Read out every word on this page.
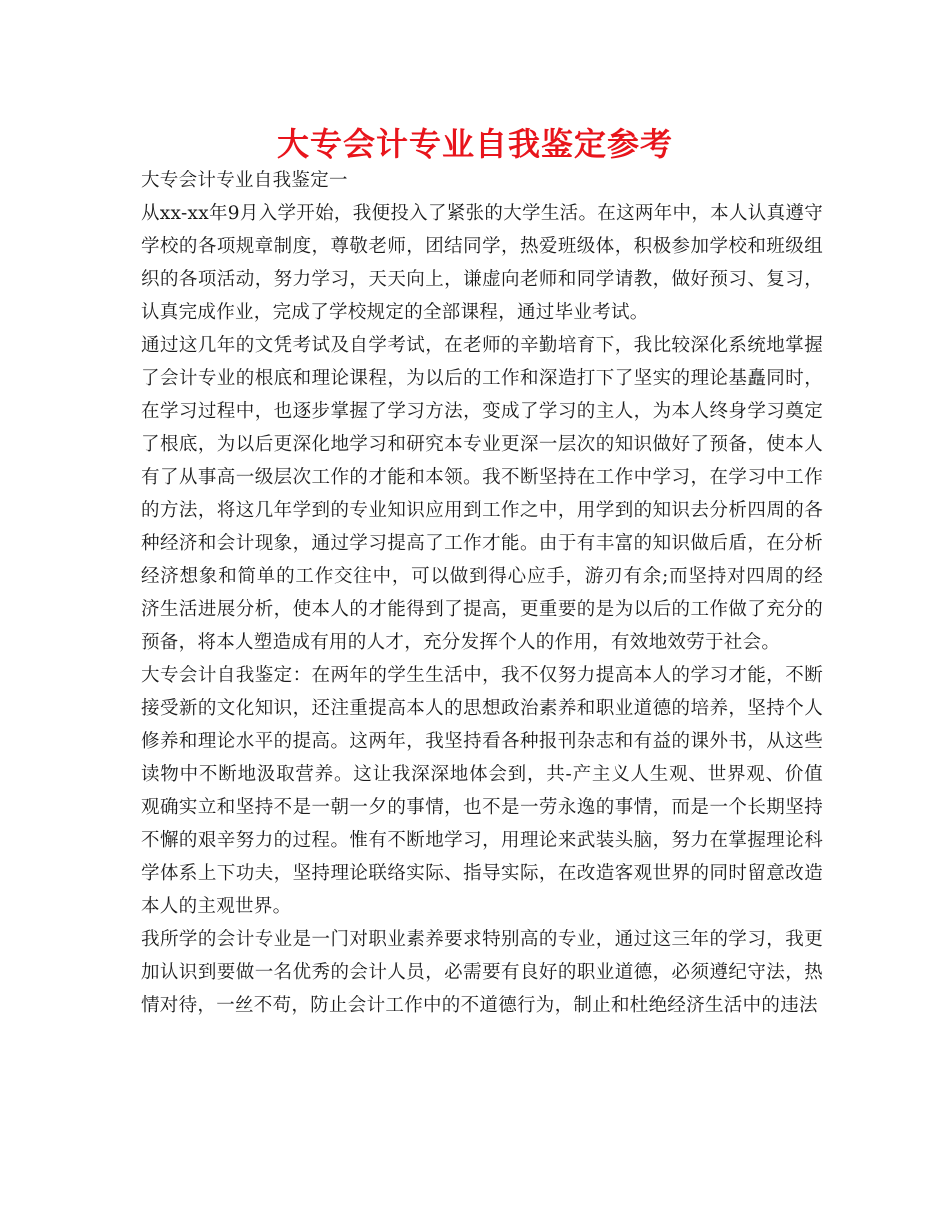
大专会计专业自我鉴定参考

大专会计专业自我鉴定一

从xx-xx年9月入学开始，我便投入了紧张的大学生活。在这两年中，本人认真遵守学校的各项规章制度，尊敬老师，团结同学，热爱班级体，积极参加学校和班级组织的各项活动，努力学习，天天向上，谦虚向老师和同学请教，做好预习、复习，认真完成作业，完成了学校规定的全部课程，通过毕业考试。

通过这几年的文凭考试及自学考试，在老师的辛勤培育下，我比较深化系统地掌握了会计专业的根底和理论课程，为以后的工作和深造打下了坚实的理论基矗同时，在学习过程中，也逐步掌握了学习方法，变成了学习的主人，为本人终身学习奠定了根底，为以后更深化地学习和研究本专业更深一层次的知识做好了预备，使本人有了从事高一级层次工作的才能和本领。我不断坚持在工作中学习，在学习中工作的方法，将这几年学到的专业知识应用到工作之中，用学到的知识去分析四周的各种经济和会计现象，通过学习提高了工作才能。由于有丰富的知识做后盾，在分析经济想象和简单的工作交往中，可以做到得心应手，游刃有余;而坚持对四周的经济生活进展分析，使本人的才能得到了提高，更重要的是为以后的工作做了充分的预备，将本人塑造成有用的人才，充分发挥个人的作用，有效地效劳于社会。

大专会计自我鉴定：在两年的学生生活中，我不仅努力提高本人的学习才能，不断接受新的文化知识，还注重提高本人的思想政治素养和职业道德的培养，坚持个人修养和理论水平的提高。这两年，我坚持看各种报刊杂志和有益的课外书，从这些读物中不断地汲取营养。这让我深深地体会到，共-产主义人生观、世界观、价值观确实立和坚持不是一朝一夕的事情，也不是一劳永逸的事情，而是一个长期坚持不懈的艰辛努力的过程。惟有不断地学习，用理论来武装头脑，努力在掌握理论科学体系上下功夫，坚持理论联络实际、指导实际，在改造客观世界的同时留意改造本人的主观世界。

我所学的会计专业是一门对职业素养要求特别高的专业，通过这三年的学习，我更加认识到要做一名优秀的会计人员，必需要有良好的职业道德，必须遵纪守法，热情对待，一丝不苟，防止会计工作中的不道德行为，制止和杜绝经济生活中的违法
